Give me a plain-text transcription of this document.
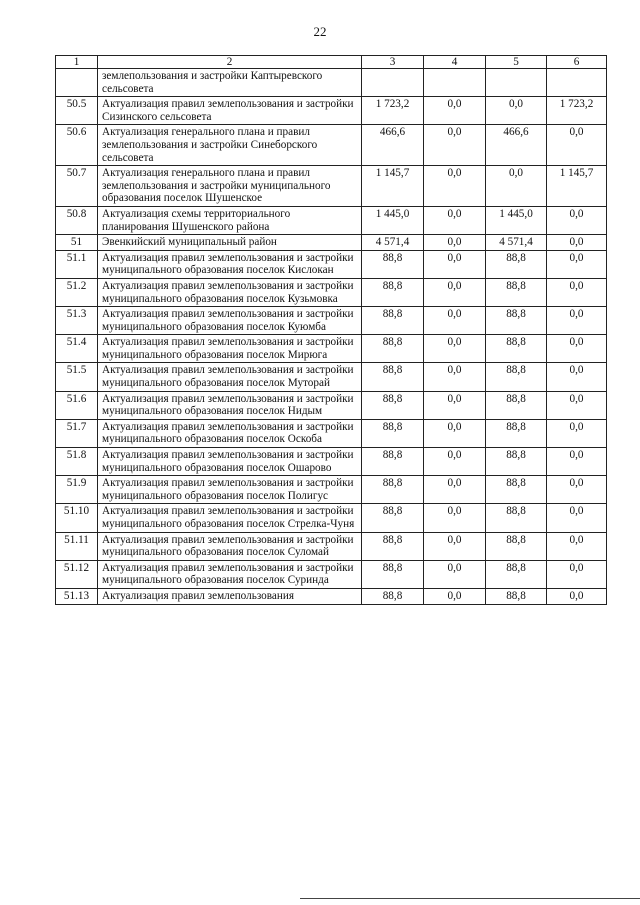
22
1	2	3	4	5	6
	землепользования и застройки Каптыревского сельсовета				
50.5	Актуализация правил землепользования и застройки Сизинского сельсовета	1 723,2	0,0	0,0	1 723,2
50.6	Актуализация генерального плана и правил землепользования и застройки Синеборского сельсовета	466,6	0,0	466,6	0,0
50.7	Актуализация генерального плана и правил землепользования и застройки муниципального образования поселок Шушенское	1 145,7	0,0	0,0	1 145,7
50.8	Актуализация схемы территориального планирования Шушенского района	1 445,0	0,0	1 445,0	0,0
51	Эвенкийский муниципальный район	4 571,4	0,0	4 571,4	0,0
51.1	Актуализация правил землепользования и застройки муниципального образования поселок Кислокан	88,8	0,0	88,8	0,0
51.2	Актуализация правил землепользования и застройки муниципального образования поселок Кузьмовка	88,8	0,0	88,8	0,0
51.3	Актуализация правил землепользования и застройки муниципального образования поселок Куюмба	88,8	0,0	88,8	0,0
51.4	Актуализация правил землепользования и застройки муниципального образования поселок Мирюга	88,8	0,0	88,8	0,0
51.5	Актуализация правил землепользования и застройки муниципального образования поселок Муторай	88,8	0,0	88,8	0,0
51.6	Актуализация правил землепользования и застройки муниципального образования поселок Нидым	88,8	0,0	88,8	0,0
51.7	Актуализация правил землепользования и застройки муниципального образования поселок Оскоба	88,8	0,0	88,8	0,0
51.8	Актуализация правил землепользования и застройки муниципального образования поселок Ошарово	88,8	0,0	88,8	0,0
51.9	Актуализация правил землепользования и застройки муниципального образования поселок Полигус	88,8	0,0	88,8	0,0
51.10	Актуализация правил землепользования и застройки муниципального образования поселок Стрелка-Чуня	88,8	0,0	88,8	0,0
51.11	Актуализация правил землепользования и застройки муниципального образования поселок Суломай	88,8	0,0	88,8	0,0
51.12	Актуализация правил землепользования и застройки муниципального образования поселок Суринда	88,8	0,0	88,8	0,0
51.13	Актуализация правил землепользования	88,8	0,0	88,8	0,0
